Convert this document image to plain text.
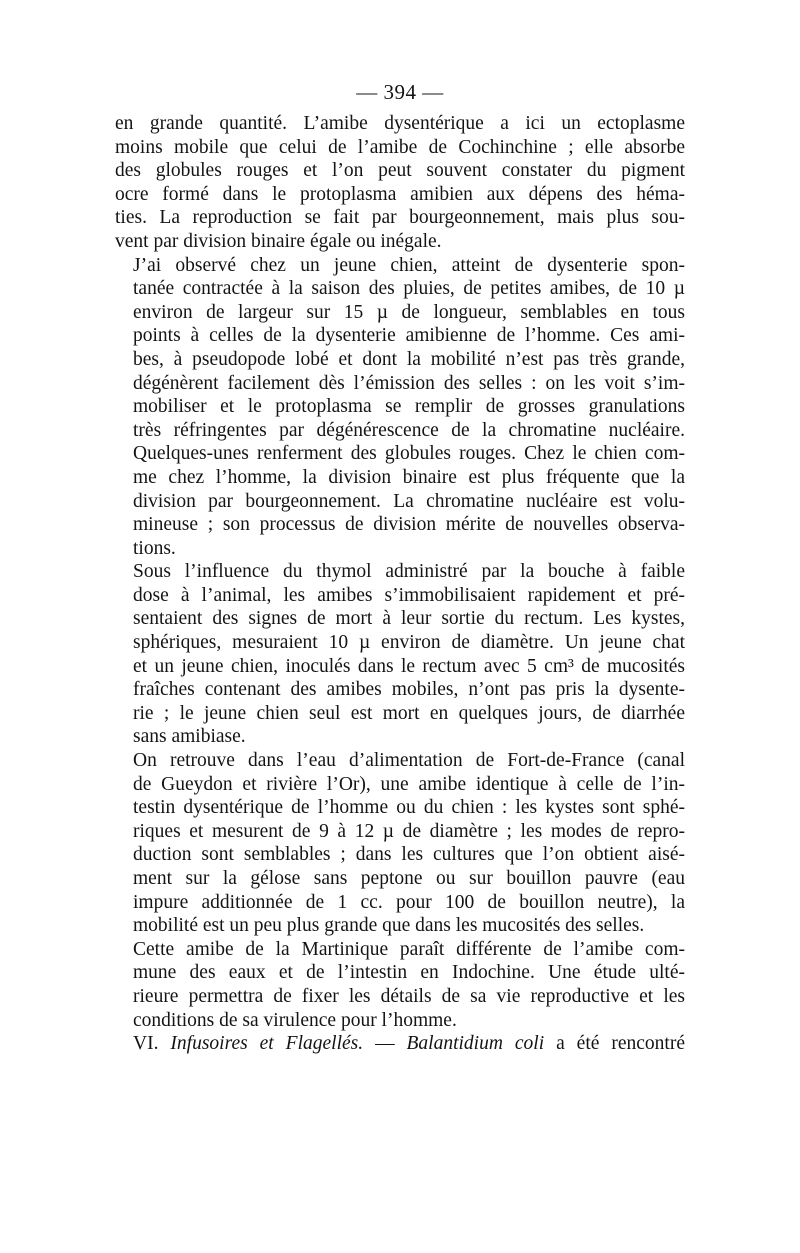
— 394 —

en grande quantité. L’amibe dysentérique a ici un ectoplasme
moins mobile que celui de l’amibe de Cochinchine ; elle absorbe
des globules rouges et l’on peut souvent constater du pigment
ocre formé dans le protoplasma amibien aux dépens des héma-
ties. La reproduction se fait par bourgeonnement, mais plus sou-
vent par division binaire égale ou inégale.

J’ai observé chez un jeune chien, atteint de dysenterie spon-
tanée contractée à la saison des pluies, de petites amibes, de 10 µ
environ de largeur sur 15 µ de longueur, semblables en tous
points à celles de la dysenterie amibienne de l’homme. Ces ami-
bes, à pseudopode lobé et dont la mobilité n’est pas très grande,
dégénèrent facilement dès l’émission des selles : on les voit s’im-
mobiliser et le protoplasma se remplir de grosses granulations
très réfringentes par dégénérescence de la chromatine nucléaire.
Quelques-unes renferment des globules rouges. Chez le chien com-
me chez l’homme, la division binaire est plus fréquente que la
division par bourgeonnement. La chromatine nucléaire est volu-
mineuse ; son processus de division mérite de nouvelles observa-
tions.

Sous l’influence du thymol administré par la bouche à faible
dose à l’animal, les amibes s’immobilisaient rapidement et pré-
sentaient des signes de mort à leur sortie du rectum. Les kystes,
sphériques, mesuraient 10 µ environ de diamètre. Un jeune chat
et un jeune chien, inoculés dans le rectum avec 5 cm³ de mucosités
fraîches contenant des amibes mobiles, n’ont pas pris la dysente-
rie ; le jeune chien seul est mort en quelques jours, de diarrhée
sans amibiase.

On retrouve dans l’eau d’alimentation de Fort-de-France (canal
de Gueydon et rivière l’Or), une amibe identique à celle de l’in-
testin dysentérique de l’homme ou du chien : les kystes sont sphé-
riques et mesurent de 9 à 12 µ de diamètre ; les modes de repro-
duction sont semblables ; dans les cultures que l’on obtient aisé-
ment sur la gélose sans peptone ou sur bouillon pauvre (eau
impure additionnée de 1 cc. pour 100 de bouillon neutre), la
mobilité est un peu plus grande que dans les mucosités des selles.

Cette amibe de la Martinique paraît différente de l’amibe com-
mune des eaux et de l’intestin en Indochine. Une étude ulté-
rieure permettra de fixer les détails de sa vie reproductive et les
conditions de sa virulence pour l’homme.

VI. Infusoires et Flagellés. — Balantidium coli a été rencontré
